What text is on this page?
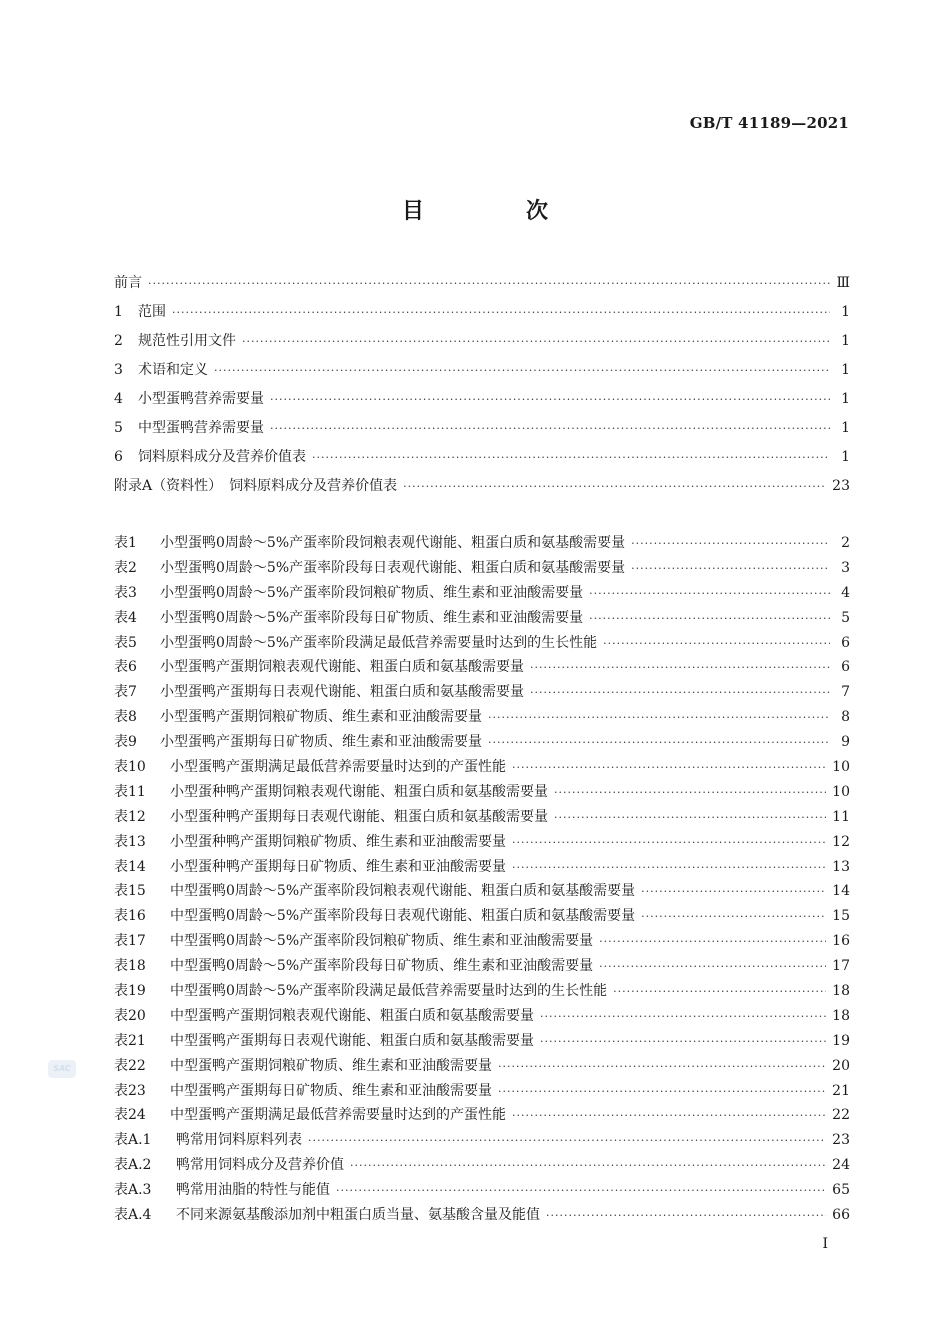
GB/T 41189—2021
目　次
前言 ·····	Ⅲ
1	范围 ·····	1
2	规范性引用文件 ·····	1
3	术语和定义 ·····	1
4	小型蛋鸭营养需要量 ·····	1
5	中型蛋鸭营养需要量 ·····	1
6	饲料原料成分及营养价值表 ·····	1
附录A（资料性）　饲料原料成分及营养价值表 ·····	23
表1	小型蛋鸭0周龄～5%产蛋率阶段饲粮表观代谢能、粗蛋白质和氨基酸需要量 ·····	2
表2	小型蛋鸭0周龄～5%产蛋率阶段每日表观代谢能、粗蛋白质和氨基酸需要量 ·····	3
表3	小型蛋鸭0周龄～5%产蛋率阶段饲粮矿物质、维生素和亚油酸需要量 ·····	4
表4	小型蛋鸭0周龄～5%产蛋率阶段每日矿物质、维生素和亚油酸需要量 ·····	5
表5	小型蛋鸭0周龄～5%产蛋率阶段满足最低营养需要量时达到的生长性能 ·····	6
表6	小型蛋鸭产蛋期饲粮表观代谢能、粗蛋白质和氨基酸需要量 ·····	6
表7	小型蛋鸭产蛋期每日表观代谢能、粗蛋白质和氨基酸需要量 ·····	7
表8	小型蛋鸭产蛋期饲粮矿物质、维生素和亚油酸需要量 ·····	8
表9	小型蛋鸭产蛋期每日矿物质、维生素和亚油酸需要量 ·····	9
表10	小型蛋鸭产蛋期满足最低营养需要量时达到的产蛋性能 ·····	10
表11	小型蛋种鸭产蛋期饲粮表观代谢能、粗蛋白质和氨基酸需要量 ·····	10
表12	小型蛋种鸭产蛋期每日表观代谢能、粗蛋白质和氨基酸需要量 ·····	11
表13	小型蛋种鸭产蛋期饲粮矿物质、维生素和亚油酸需要量 ·····	12
表14	小型蛋种鸭产蛋期每日矿物质、维生素和亚油酸需要量 ·····	13
表15	中型蛋鸭0周龄～5%产蛋率阶段饲粮表观代谢能、粗蛋白质和氨基酸需要量 ·····	14
表16	中型蛋鸭0周龄～5%产蛋率阶段每日表观代谢能、粗蛋白质和氨基酸需要量 ·····	15
表17	中型蛋鸭0周龄～5%产蛋率阶段饲粮矿物质、维生素和亚油酸需要量 ·····	16
表18	中型蛋鸭0周龄～5%产蛋率阶段每日矿物质、维生素和亚油酸需要量 ·····	17
表19	中型蛋鸭0周龄～5%产蛋率阶段满足最低营养需要量时达到的生长性能 ·····	18
表20	中型蛋鸭产蛋期饲粮表观代谢能、粗蛋白质和氨基酸需要量 ·····	18
表21	中型蛋鸭产蛋期每日表观代谢能、粗蛋白质和氨基酸需要量 ·····	19
表22	中型蛋鸭产蛋期饲粮矿物质、维生素和亚油酸需要量 ·····	20
表23	中型蛋鸭产蛋期每日矿物质、维生素和亚油酸需要量 ·····	21
表24	中型蛋鸭产蛋期满足最低营养需要量时达到的产蛋性能 ·····	22
表A.1	鸭常用饲料原料列表 ·····	23
表A.2	鸭常用饲料成分及营养价值 ·····	24
表A.3	鸭常用油脂的特性与能值 ·····	65
表A.4	不同来源氨基酸添加剂中粗蛋白质当量、氨基酸含量及能值 ·····	66
SAC
I
